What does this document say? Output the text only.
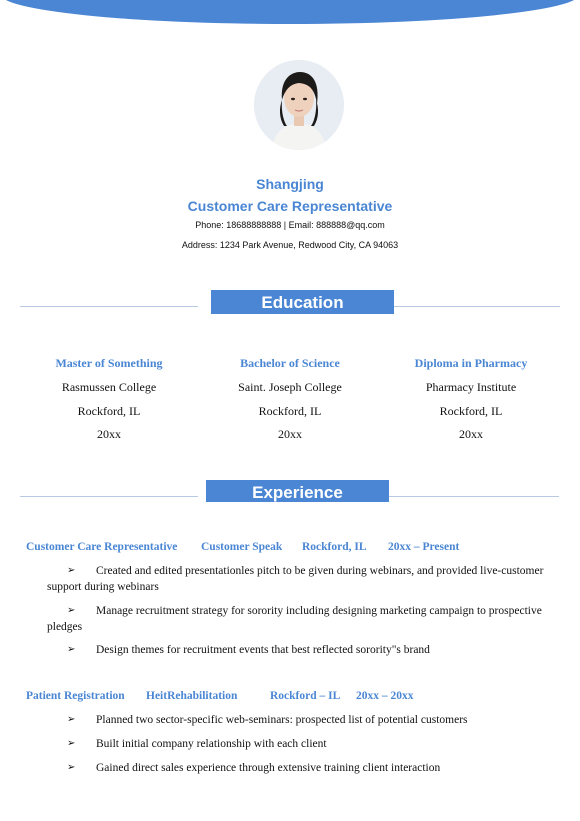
Shangjing
Customer Care Representative
Phone: 18688888888 | Email: 888888@qq.com
Address: 1234 Park Avenue, Redwood City, CA 94063
Education
Master of Something
Rasmussen College
Rockford, IL
20xx
Bachelor of Science
Saint. Joseph College
Rockford, IL
20xx
Diploma in Pharmacy
Pharmacy Institute
Rockford, IL
20xx
Experience
Customer Care Representative Customer Speak Rockford, IL 20xx – Present
➢ Created and edited presentationles pitch to be given during webinars, and provided live-customer support during webinars
➢ Manage recruitment strategy for sorority including designing marketing campaign to prospective pledges
➢ Design themes for recruitment events that best reflected sorority"s brand
Patient Registration HeitRehabilitation	Rockford – IL 20xx – 20xx
➢ Planned two sector-specific web-seminars: prospected list of potential customers
➢ Built initial company relationship with each client
➢ Gained direct sales experience through extensive training client interaction
